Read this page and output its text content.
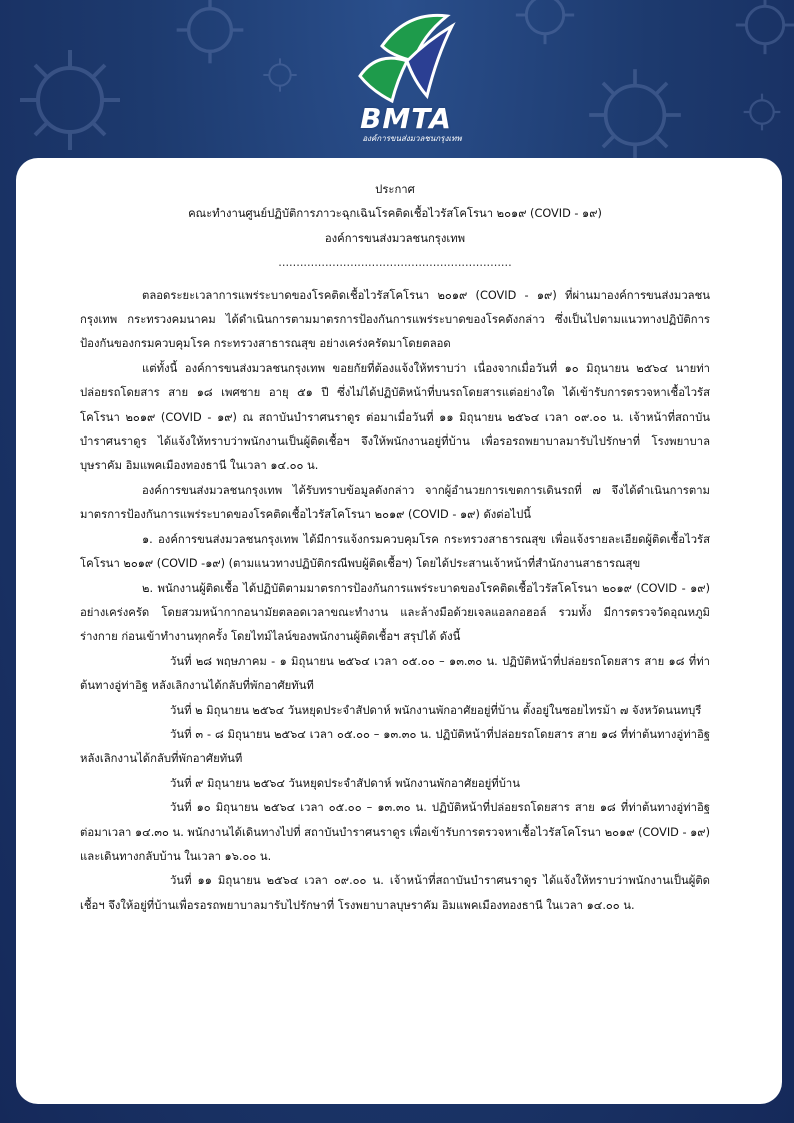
BMTA
องค์การขนส่งมวลชนกรุงเทพ
ประกาศ
คณะทำงานศูนย์ปฏิบัติการภาวะฉุกเฉินโรคติดเชื้อไวรัสโคโรนา ๒๐๑๙ (COVID - ๑๙)
องค์การขนส่งมวลชนกรุงเทพ
.................................................................

ตลอดระยะเวลาการแพร่ระบาดของโรคติดเชื้อไวรัสโคโรนา ๒๐๑๙ (COVID - ๑๙) ที่ผ่านมาองค์การขนส่งมวลชนกรุงเทพ กระทรวงคมนาคม ได้ดำเนินการตามมาตรการป้องกันการแพร่ระบาดของโรคดังกล่าว ซึ่งเป็นไปตามแนวทางปฏิบัติการป้องกันของกรมควบคุมโรค กระทรวงสาธารณสุข อย่างเคร่งครัดมาโดยตลอด

แต่ทั้งนี้ องค์การขนส่งมวลชนกรุงเทพ ขอยกัยที่ต้องแจ้งให้ทราบว่า เนื่องจากเมื่อวันที่ ๑๐ มิถุนายน ๒๕๖๔ นายท่าปล่อยรถโดยสาร สาย ๑๘ เพศชาย อายุ ๕๑ ปี ซึ่งไม่ได้ปฏิบัติหน้าที่บนรถโดยสารแต่อย่างใด ได้เข้ารับการตรวจหาเชื้อไวรัสโคโรนา ๒๐๑๙ (COVID - ๑๙) ณ สถาบันบำราศนราดูร ต่อมาเมื่อวันที่ ๑๑ มิถุนายน ๒๕๖๔ เวลา ๐๙.๐๐ น. เจ้าหน้าที่สถาบันบำราศนราดูร ได้แจ้งให้ทราบว่าพนักงานเป็นผู้ติดเชื้อฯ จึงให้พนักงานอยู่ที่บ้าน เพื่อรอรถพยาบาลมารับไปรักษาที่ โรงพยาบาลบุษราคัม อิมแพคเมืองทองธานี ในเวลา ๑๔.๐๐ น.

องค์การขนส่งมวลชนกรุงเทพ ได้รับทราบข้อมูลดังกล่าว จากผู้อำนวยการเขตการเดินรถที่ ๗ จึงได้ดำเนินการตามมาตรการป้องกันการแพร่ระบาดของโรคติดเชื้อไวรัสโคโรนา ๒๐๑๙ (COVID - ๑๙) ดังต่อไปนี้

๑. องค์การขนส่งมวลชนกรุงเทพ ได้มีการแจ้งกรมควบคุมโรค กระทรวงสาธารณสุข เพื่อแจ้งรายละเอียดผู้ติดเชื้อไวรัสโคโรนา ๒๐๑๙ (COVID -๑๙) (ตามแนวทางปฏิบัติกรณีพบผู้ติดเชื้อฯ) โดยได้ประสานเจ้าหน้าที่สำนักงานสาธารณสุข

๒. พนักงานผู้ติดเชื้อ ได้ปฏิบัติตามมาตรการป้องกันการแพร่ระบาดของโรคติดเชื้อไวรัสโคโรนา ๒๐๑๙ (COVID - ๑๙) อย่างเคร่งครัด โดยสวมหน้ากากอนามัยตลอดเวลาขณะทำงาน และล้างมือด้วยเจลแอลกอฮอล์ รวมทั้ง มีการตรวจวัดอุณหภูมิร่างกาย ก่อนเข้าทำงานทุกครั้ง โดยไทม์ไลน์ของพนักงานผู้ติดเชื้อฯ สรุปได้ ดังนี้

วันที่ ๒๘ พฤษภาคม - ๑ มิถุนายน ๒๕๖๔ เวลา ๐๕.๐๐ – ๑๓.๓๐ น. ปฏิบัติหน้าที่ปล่อยรถโดยสาร สาย ๑๘ ที่ท่าต้นทางอู่ท่าอิฐ หลังเลิกงานได้กลับที่พักอาศัยทันที

วันที่ ๒ มิถุนายน ๒๕๖๔ วันหยุดประจำสัปดาห์ พนักงานพักอาศัยอยู่ที่บ้าน ตั้งอยู่ในซอยไทรม้า ๗ จังหวัดนนทบุรี

วันที่ ๓ - ๘ มิถุนายน ๒๕๖๔ เวลา ๐๕.๐๐ – ๑๓.๓๐ น. ปฏิบัติหน้าที่ปล่อยรถโดยสาร สาย ๑๘ ที่ท่าต้นทางอู่ท่าอิฐ หลังเลิกงานได้กลับที่พักอาศัยทันที

วันที่ ๙ มิถุนายน ๒๕๖๔ วันหยุดประจำสัปดาห์ พนักงานพักอาศัยอยู่ที่บ้าน

วันที่ ๑๐ มิถุนายน ๒๕๖๔ เวลา ๐๕.๐๐ – ๑๓.๓๐ น. ปฏิบัติหน้าที่ปล่อยรถโดยสาร สาย ๑๘ ที่ท่าต้นทางอู่ท่าอิฐ ต่อมาเวลา ๑๔.๓๐ น. พนักงานได้เดินทางไปที่ สถาบันบำราศนราดูร เพื่อเข้ารับการตรวจหาเชื้อไวรัสโคโรนา ๒๐๑๙ (COVID - ๑๙) และเดินทางกลับบ้าน ในเวลา ๑๖.๐๐ น.

วันที่ ๑๑ มิถุนายน ๒๕๖๔ เวลา ๐๙.๐๐ น. เจ้าหน้าที่สถาบันบำราศนราดูร ได้แจ้งให้ทราบว่าพนักงานเป็นผู้ติดเชื้อฯ จึงให้อยู่ที่บ้านเพื่อรอรถพยาบาลมารับไปรักษาที่ โรงพยาบาลบุษราคัม อิมแพคเมืองทองธานี ในเวลา ๑๔.๐๐ น.
